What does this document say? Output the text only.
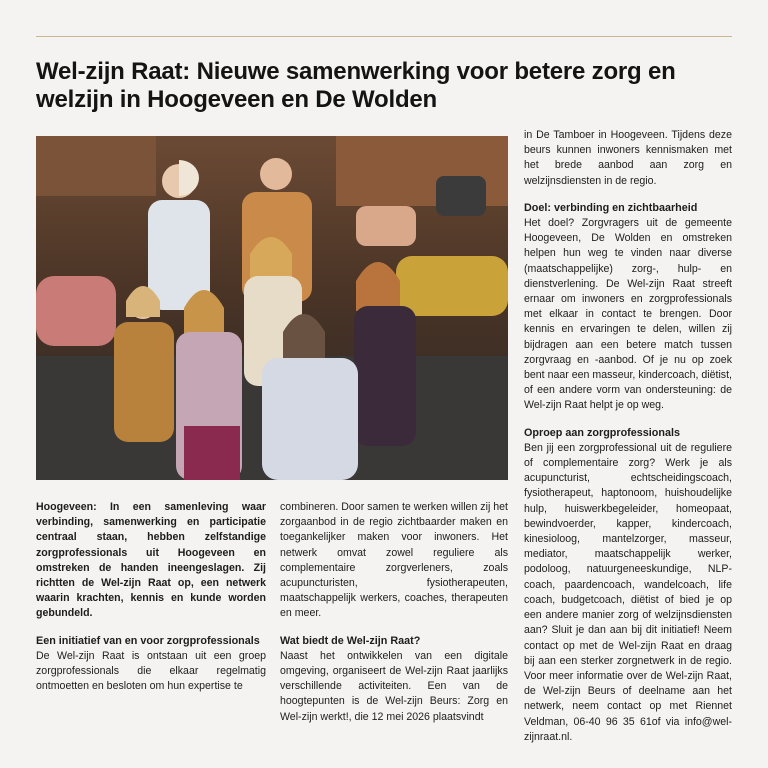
Wel-zijn Raat: Nieuwe samenwerking voor betere zorg en welzijn in Hoogeveen en De Wolden

Hoogeveen: In een samenleving waar verbinding, samenwerking en participatie centraal staan, hebben zelfstandige zorgprofessionals uit Hoogeveen en omstreken de handen ineengeslagen. Zij richtten de Wel-zijn Raat op, een netwerk waarin krachten, kennis en kunde worden gebundeld.

Een initiatief van en voor zorgprofessionals

De Wel-zijn Raat is ontstaan uit een groep zorgprofessionals die elkaar regelmatig ontmoetten en besloten om hun expertise te

combineren. Door samen te werken willen zij het zorgaanbod in de regio zichtbaarder maken en toegankelijker maken voor inwoners. Het netwerk omvat zowel reguliere als complementaire zorgverleners, zoals acupuncturisten, fysiotherapeuten, maatschappelijk werkers, coaches, therapeuten en meer.

Wat biedt de Wel-zijn Raat?

Naast het ontwikkelen van een digitale omgeving, organiseert de Wel-zijn Raat jaarlijks verschillende activiteiten. Een van de hoogtepunten is de Wel-zijn Beurs: Zorg en Wel-zijn werkt!, die 12 mei 2026 plaatsvindt

in De Tamboer in Hoogeveen. Tijdens deze beurs kunnen inwoners kennismaken met het brede aanbod aan zorg en welzijnsdiensten in de regio.

Doel: verbinding en zichtbaarheid

Het doel? Zorgvragers uit de gemeente Hoogeveen, De Wolden en omstreken helpen hun weg te vinden naar diverse (maatschappelijke) zorg-, hulp- en dienstverlening. De Wel-zijn Raat streeft ernaar om inwoners en zorgprofessionals met elkaar in contact te brengen. Door kennis en ervaringen te delen, willen zij bijdragen aan een betere match tussen zorgvraag en -aanbod. Of je nu op zoek bent naar een masseur, kindercoach, diëtist, of een andere vorm van ondersteuning: de Wel-zijn Raat helpt je op weg.

Oproep aan zorgprofessionals

Ben jij een zorgprofessional uit de reguliere of complementaire zorg? Werk je als acupuncturist, echtscheidingscoach, fysiotherapeut, haptonoom, huishoudelijke hulp, huiswerkbegeleider, homeopaat, bewindvoerder, kapper, kindercoach, kinesioloog, mantelzorger, masseur, mediator, maatschappelijk werker, podoloog, natuurgeneeskundige, NLP-coach, paardencoach, wandelcoach, life coach, budgetcoach, diëtist of bied je op een andere manier zorg of welzijnsdiensten aan? Sluit je dan aan bij dit initiatief! Neem contact op met de Wel-zijn Raat en draag bij aan een sterker zorgnetwerk in de regio. Voor meer informatie over de Wel-zijn Raat, de Wel-zijn Beurs of deelname aan het netwerk, neem contact op met Riennet Veldman, 06-40 96 35 61of via info@wel-zijnraat.nl.
